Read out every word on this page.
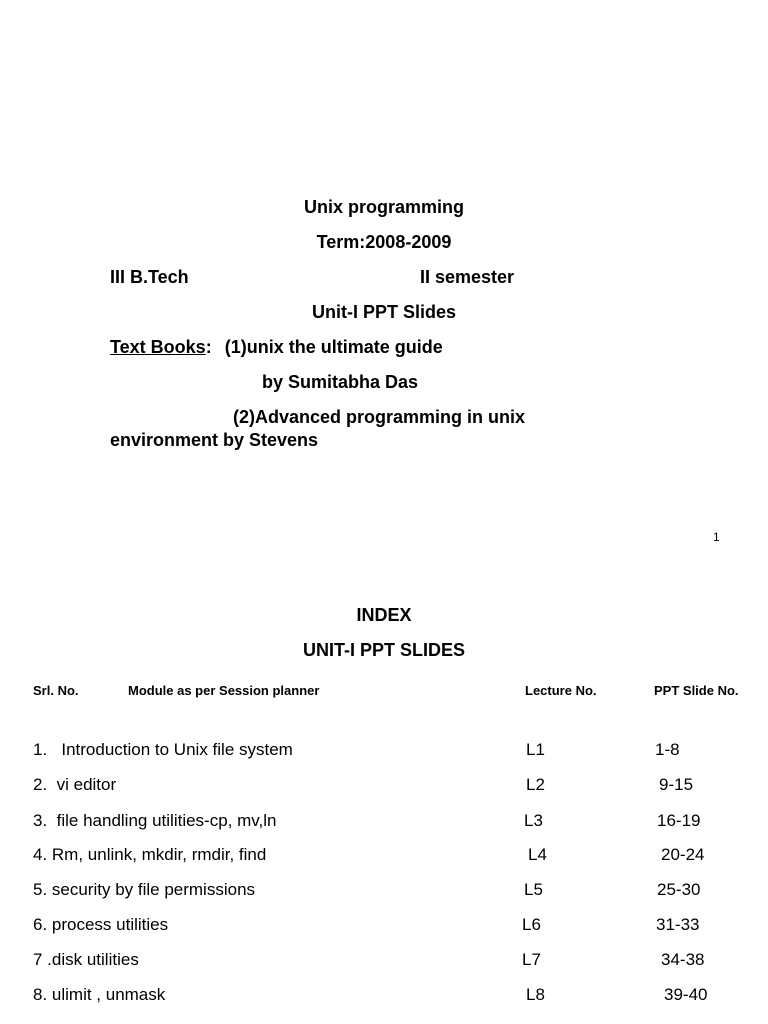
Unix programming
Term:2008-2009
III B.Tech	II semester
Unit-I PPT Slides
Text Books: (1)unix the ultimate guide
by Sumitabha Das
(2)Advanced programming in unix
environment by Stevens
1
INDEX
UNIT-I PPT SLIDES
Srl. No.	Module as per Session planner	Lecture No.	PPT Slide No.
1.   Introduction to Unix file system	L1	1-8
2.  vi editor	L2	9-15
3.  file handling utilities-cp, mv,ln	L3	16-19
4. Rm, unlink, mkdir, rmdir, find	L4	20-24
5. security by file permissions	L5	25-30
6. process utilities	L6	31-33
7 .disk utilities	L7	34-38
8. ulimit , unmask	L8	39-40
